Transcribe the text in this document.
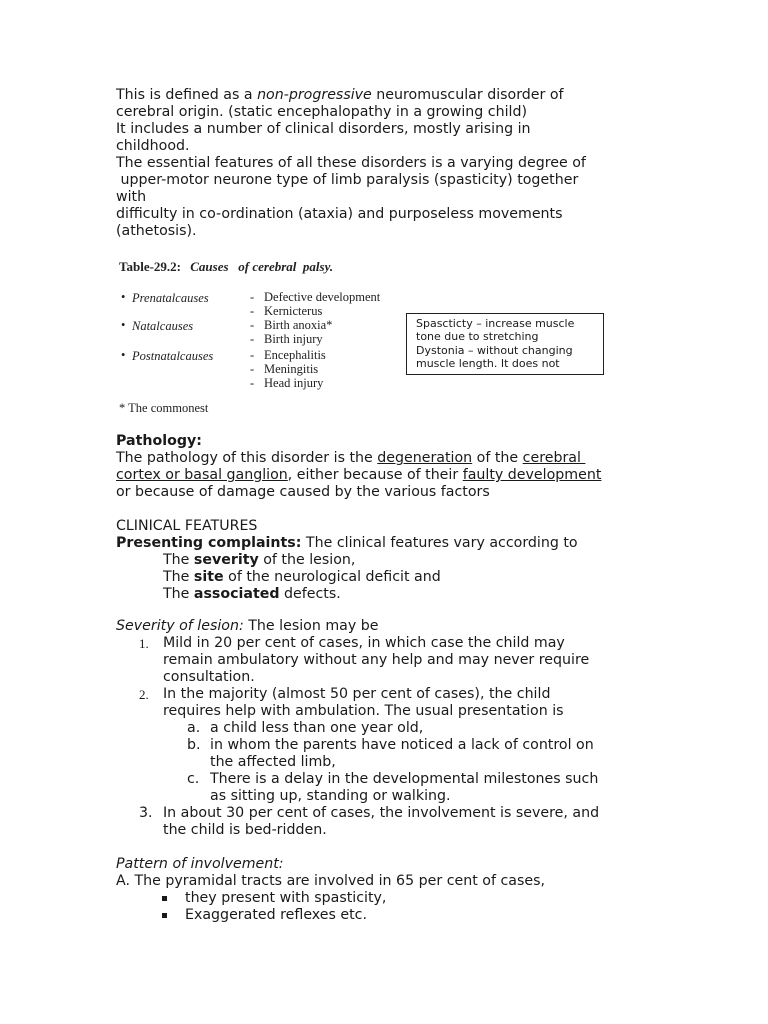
This is defined as a non-progressive neuromuscular disorder of
cerebral origin. (static encephalopathy in a growing child)
It includes a number of clinical disorders, mostly arising in
childhood.
The essential features of all these disorders is a varying degree of
upper-motor neurone type of limb paralysis (spasticity) together
with
difficulty in co-ordination (ataxia) and purposeless movements
(athetosis).
Table-29.2: Causes   of cerebral  palsy.
• Prenatalcauses	- Defective development
- Kernicterus
• Natalcauses	- Birth anoxia*
- Birth injury
• Postnatalcauses	- Encephalitis
- Meningitis
- Head injury
* The commonest
Spascticty – increase muscle
tone due to stretching
Dystonia – without changing
muscle length. It does not
Pathology:
The pathology of this disorder is the degeneration of the cerebral
cortex or basal ganglion, either because of their faulty development
or because of damage caused by the various factors
CLINICAL FEATURES
Presenting complaints: The clinical features vary according to
The severity of the lesion,
The site of the neurological deficit and
The associated defects.
Severity of lesion: The lesion may be
1. Mild in 20 per cent of cases, in which case the child may
remain ambulatory without any help and may never require
consultation.
2. In the majority (almost 50 per cent of cases), the child
requires help with ambulation. The usual presentation is
a. a child less than one year old,
b. in whom the parents have noticed a lack of control on
the affected limb,
c. There is a delay in the developmental milestones such
as sitting up, standing or walking.
3. In about 30 per cent of cases, the involvement is severe, and
the child is bed-ridden.
Pattern of involvement:
A. The pyramidal tracts are involved in 65 per cent of cases,
they present with spasticity,
Exaggerated reflexes etc.
